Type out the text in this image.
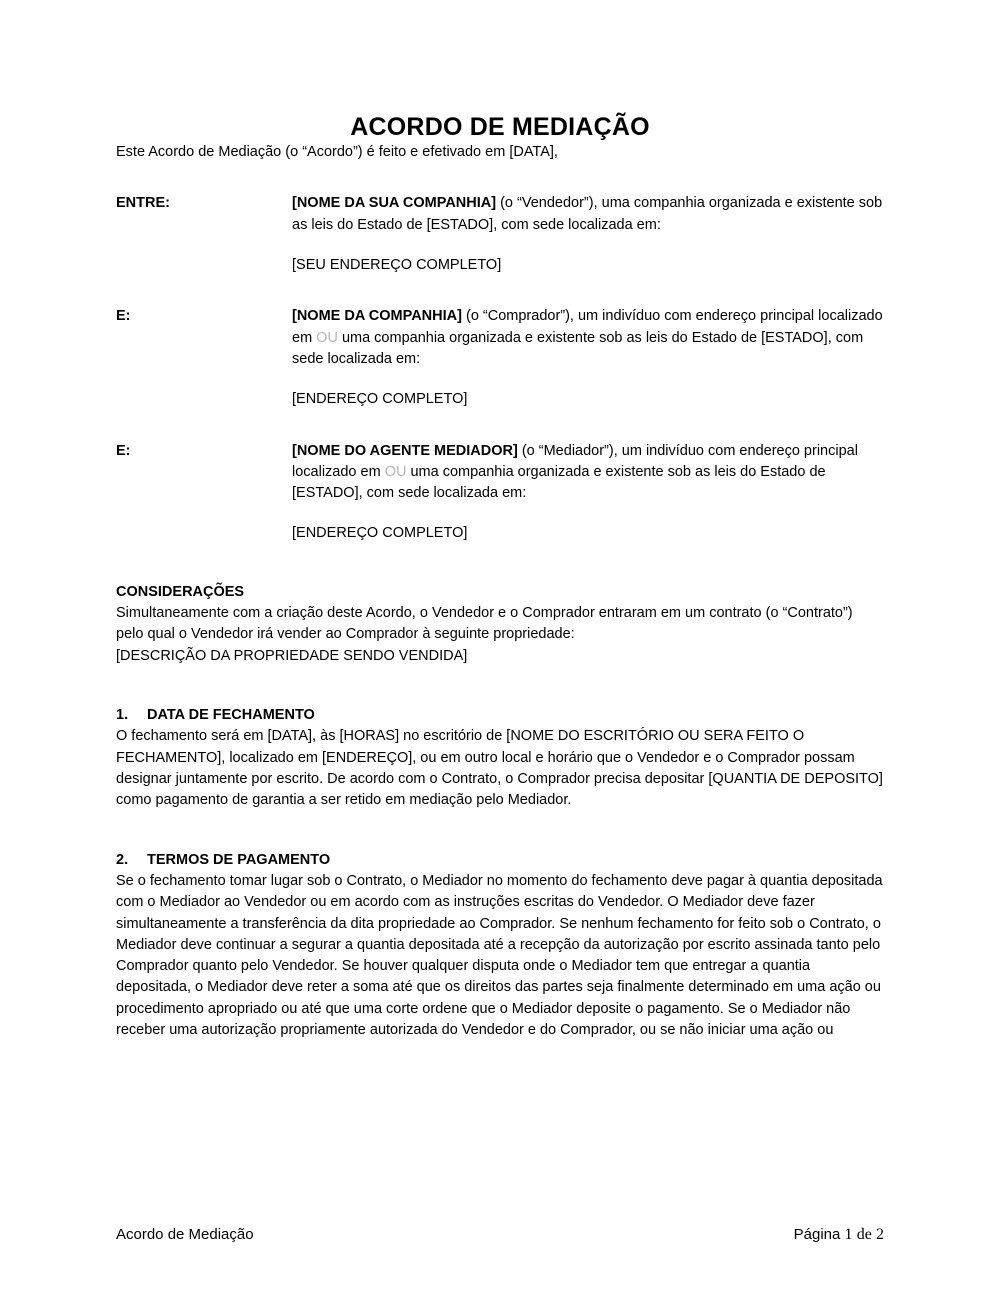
ACORDO DE MEDIAÇÃO

Este Acordo de Mediação (o “Acordo”) é feito e efetivado em [DATA],

ENTRE:	[NOME DA SUA COMPANHIA] (o “Vendedor”), uma companhia organizada e existente sob as leis do Estado de [ESTADO], com sede localizada em:
[SEU ENDEREÇO COMPLETO]
E:	[NOME DA COMPANHIA] (o “Comprador”), um indivíduo com endereço principal localizado em OU uma companhia organizada e existente sob as leis do Estado de [ESTADO], com sede localizada em:
[ENDEREÇO COMPLETO]
E:	[NOME DO AGENTE MEDIADOR] (o “Mediador”), um indivíduo com endereço principal localizado em OU uma companhia organizada e existente sob as leis do Estado de [ESTADO], com sede localizada em:
[ENDEREÇO COMPLETO]
CONSIDERAÇÕES

Simultaneamente com a criação deste Acordo, o Vendedor e o Comprador entraram em um contrato (o “Contrato”) pelo qual o Vendedor irá vender ao Comprador à seguinte propriedade:

[DESCRIÇÃO DA PROPRIEDADE SENDO VENDIDA]

1.	DATA DE FECHAMENTO

O fechamento será em [DATA], às [HORAS] no escritório de [NOME DO ESCRITÓRIO OU SERA FEITO O FECHAMENTO], localizado em [ENDEREÇO], ou em outro local e horário que o Vendedor e o Comprador possam designar juntamente por escrito. De acordo com o Contrato, o Comprador precisa depositar [QUANTIA DE DEPOSITO] como pagamento de garantia a ser retido em mediação pelo Mediador.

2.	TERMOS DE PAGAMENTO

Se o fechamento tomar lugar sob o Contrato, o Mediador no momento do fechamento deve pagar à quantia depositada com o Mediador ao Vendedor ou em acordo com as instruções escritas do Vendedor. O Mediador deve fazer simultaneamente a transferência da dita propriedade ao Comprador. Se nenhum fechamento for feito sob o Contrato, o Mediador deve continuar a segurar a quantia depositada até a recepção da autorização por escrito assinada tanto pelo Comprador quanto pelo Vendedor. Se houver qualquer disputa onde o Mediador tem que entregar a quantia depositada, o Mediador deve reter a soma até que os direitos das partes seja finalmente determinado em uma ação ou procedimento apropriado ou até que uma corte ordene que o Mediador deposite o pagamento. Se o Mediador não receber uma autorização propriamente autorizada do Vendedor e do Comprador, ou se não iniciar uma ação ou

Acordo de Mediação	Página 1 de 2
